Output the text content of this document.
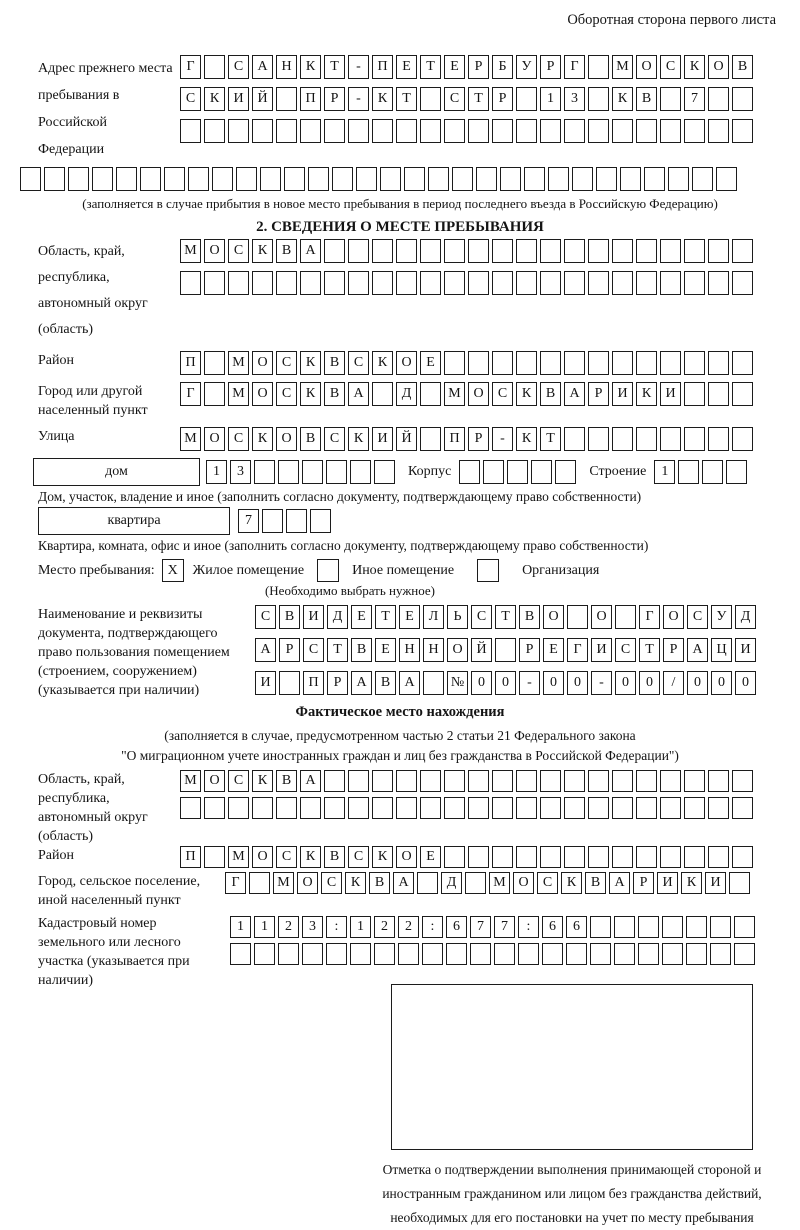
Оборотная сторона первого листа
Адрес прежнего места пребывания в Российской Федерации
Г	С	А Н	К	Т	-	П	Е	Т	Е	Р	Б	У	Р	Г	М О	С	К	О	В
С	К	И Й	П	Р	-	К	Т	С	Т	Р	1	3	К	В	7
(заполняется в случае прибытия в новое место пребывания в период последнего въезда в Российскую Федерацию)
2. СВЕДЕНИЯ О МЕСТЕ ПРЕБЫВАНИЯ
Область, край, республика, автономный округ (область)
М О	С	К	В	А
Район	П	М О	С	К	В	С	К	О	Е
Город или другой населенный пункт
Г	М О	С	К	В	А	Д	М О	С	К	В	А	Р	И	К	И
Улица	М О	С	К	О	В	С	К	И Й	П	Р	-	К	Т
дом	1	3	Корпус	Строение	1
Дом, участок, владение и иное (заполнить согласно документу, подтверждающему право собственности)
квартира	7
Квартира, комната, офис и иное (заполнить согласно документу, подтверждающему право собственности)
Место пребывания: X	Жилое помещение	Иное помещение	Организация
(Необходимо выбрать нужное)
Наименование и реквизиты документа, подтверждающего право пользования помещением (строением, сооружением) (указывается при наличии)
С	В	И	Д	Е	Т	Е	Л	Ь	С	Т	В	О	О	Г	О	С	У	Д
А	Р	С	Т	В	Е	Н Н О Й	Р	Е	Г	И	С	Т	Р	А Ц И
И	П	Р	А	В	А	№ 0	0	-	0	0	-	0	0	/	0	0	0
Фактическое место нахождения
(заполняется в случае, предусмотренном частью 2 статьи 21 Федерального закона
"О миграционном учете иностранных граждан и лиц без гражданства в Российской Федерации")
Область, край, республика, автономный округ (область)
М О	С	К	В	А
Район	П	М О	С	К	В	С	К	О	Е
Город, сельское поселение, иной населенный пункт
Г	М О	С	К	В	А	Д	М О	С	К	В	А	Р	И	К	И
Кадастровый номер земельного или лесного участка (указывается при наличии)
1	1	2	3	:	1	2	2	:	6	7	7	:	6	6
Отметка о подтверждении выполнения принимающей стороной и иностранным гражданином или лицом без гражданства действий, необходимых для его постановки на учет по месту пребывания
